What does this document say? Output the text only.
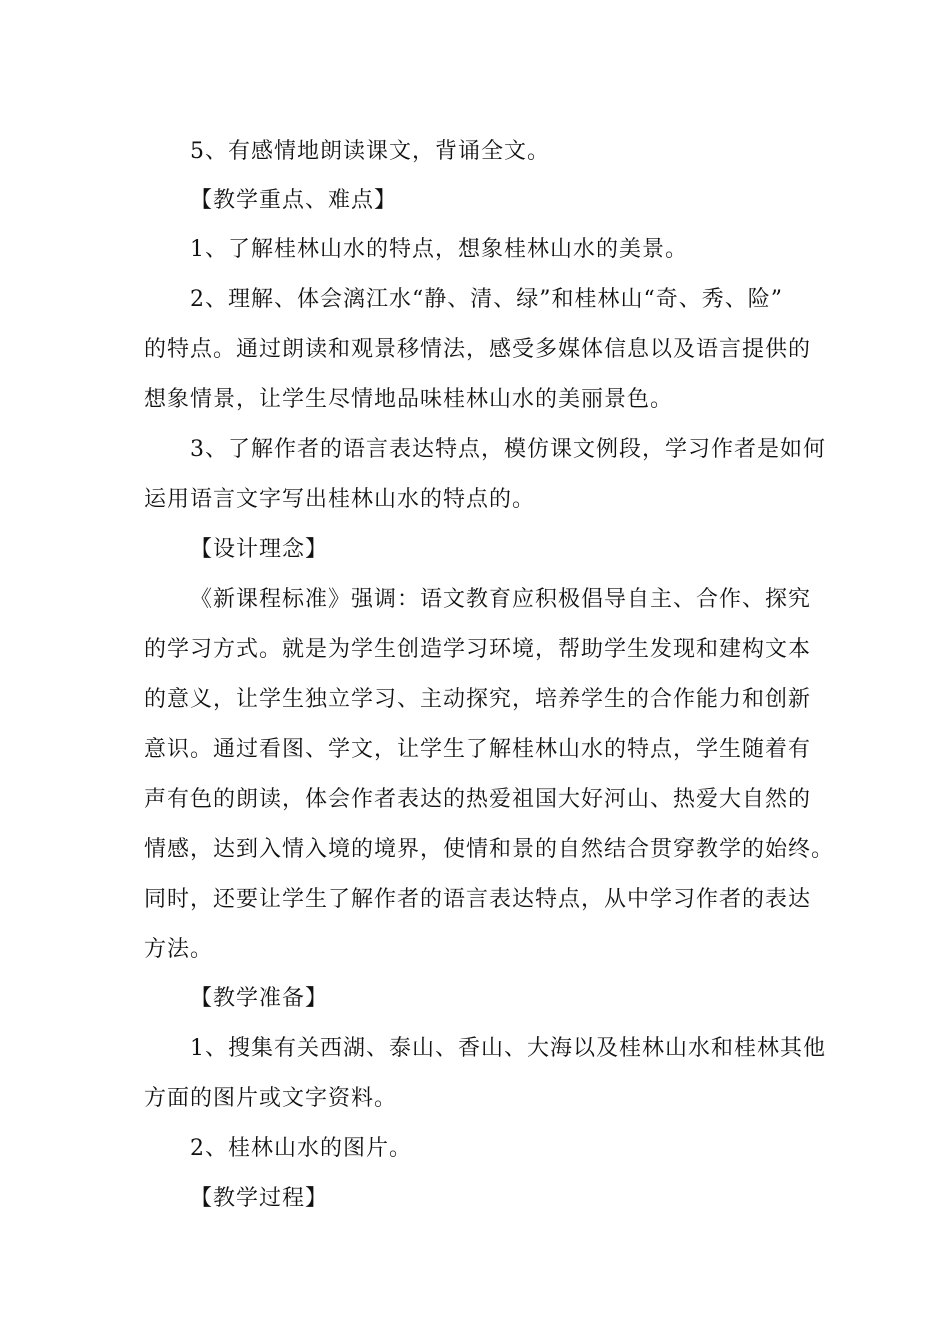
5、有感情地朗读课文，背诵全文。
【教学重点、难点】
1、了解桂林山水的特点，想象桂林山水的美景。
2、理解、体会漓江水“静、清、绿”和桂林山“奇、秀、险”
的特点。通过朗读和观景移情法，感受多媒体信息以及语言提供的
想象情景，让学生尽情地品味桂林山水的美丽景色。
3、了解作者的语言表达特点，模仿课文例段，学习作者是如何
运用语言文字写出桂林山水的特点的。
【设计理念】
《新课程标准》强调：语文教育应积极倡导自主、合作、探究
的学习方式。就是为学生创造学习环境，帮助学生发现和建构文本
的意义，让学生独立学习、主动探究，培养学生的合作能力和创新
意识。通过看图、学文，让学生了解桂林山水的特点，学生随着有
声有色的朗读，体会作者表达的热爱祖国大好河山、热爱大自然的
情感，达到入情入境的境界，使情和景的自然结合贯穿教学的始终。
同时，还要让学生了解作者的语言表达特点，从中学习作者的表达
方法。
【教学准备】
1、搜集有关西湖、泰山、香山、大海以及桂林山水和桂林其他
方面的图片或文字资料。
2、桂林山水的图片。
【教学过程】
